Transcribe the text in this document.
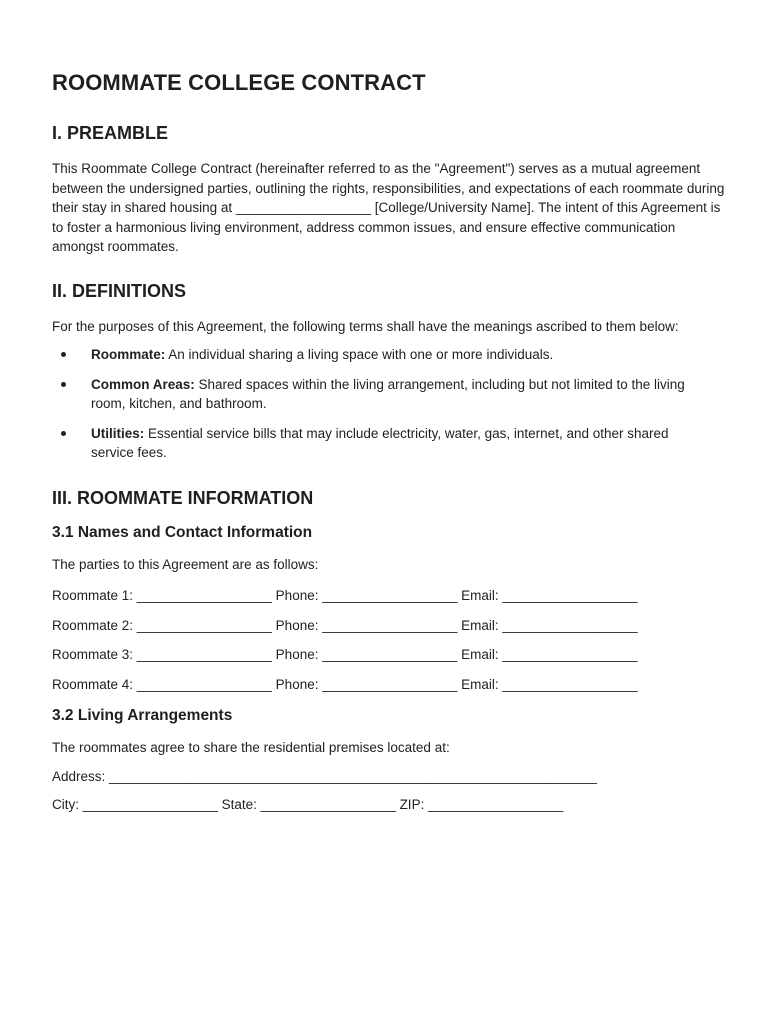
ROOMMATE COLLEGE CONTRACT
I. PREAMBLE

This Roommate College Contract (hereinafter referred to as the "Agreement") serves as a mutual agreement between the undersigned parties, outlining the rights, responsibilities, and expectations of each roommate during their stay in shared housing at __________________ [College/University Name]. The intent of this Agreement is to foster a harmonious living environment, address common issues, and ensure effective communication amongst roommates.

II. DEFINITIONS

For the purposes of this Agreement, the following terms shall have the meanings ascribed to them below:

Roommate: An individual sharing a living space with one or more individuals.
Common Areas: Shared spaces within the living arrangement, including but not limited to the living room, kitchen, and bathroom.
Utilities: Essential service bills that may include electricity, water, gas, internet, and other shared service fees.
III. ROOMMATE INFORMATION
3.1 Names and Contact Information

The parties to this Agreement are as follows:

Roommate 1: __________________ Phone: __________________ Email: __________________
Roommate 2: __________________ Phone: __________________ Email: __________________
Roommate 3: __________________ Phone: __________________ Email: __________________
Roommate 4: __________________ Phone: __________________ Email: __________________
3.2 Living Arrangements

The roommates agree to share the residential premises located at:

Address: _________________________________________________________________
City: __________________ State: __________________ ZIP: __________________
